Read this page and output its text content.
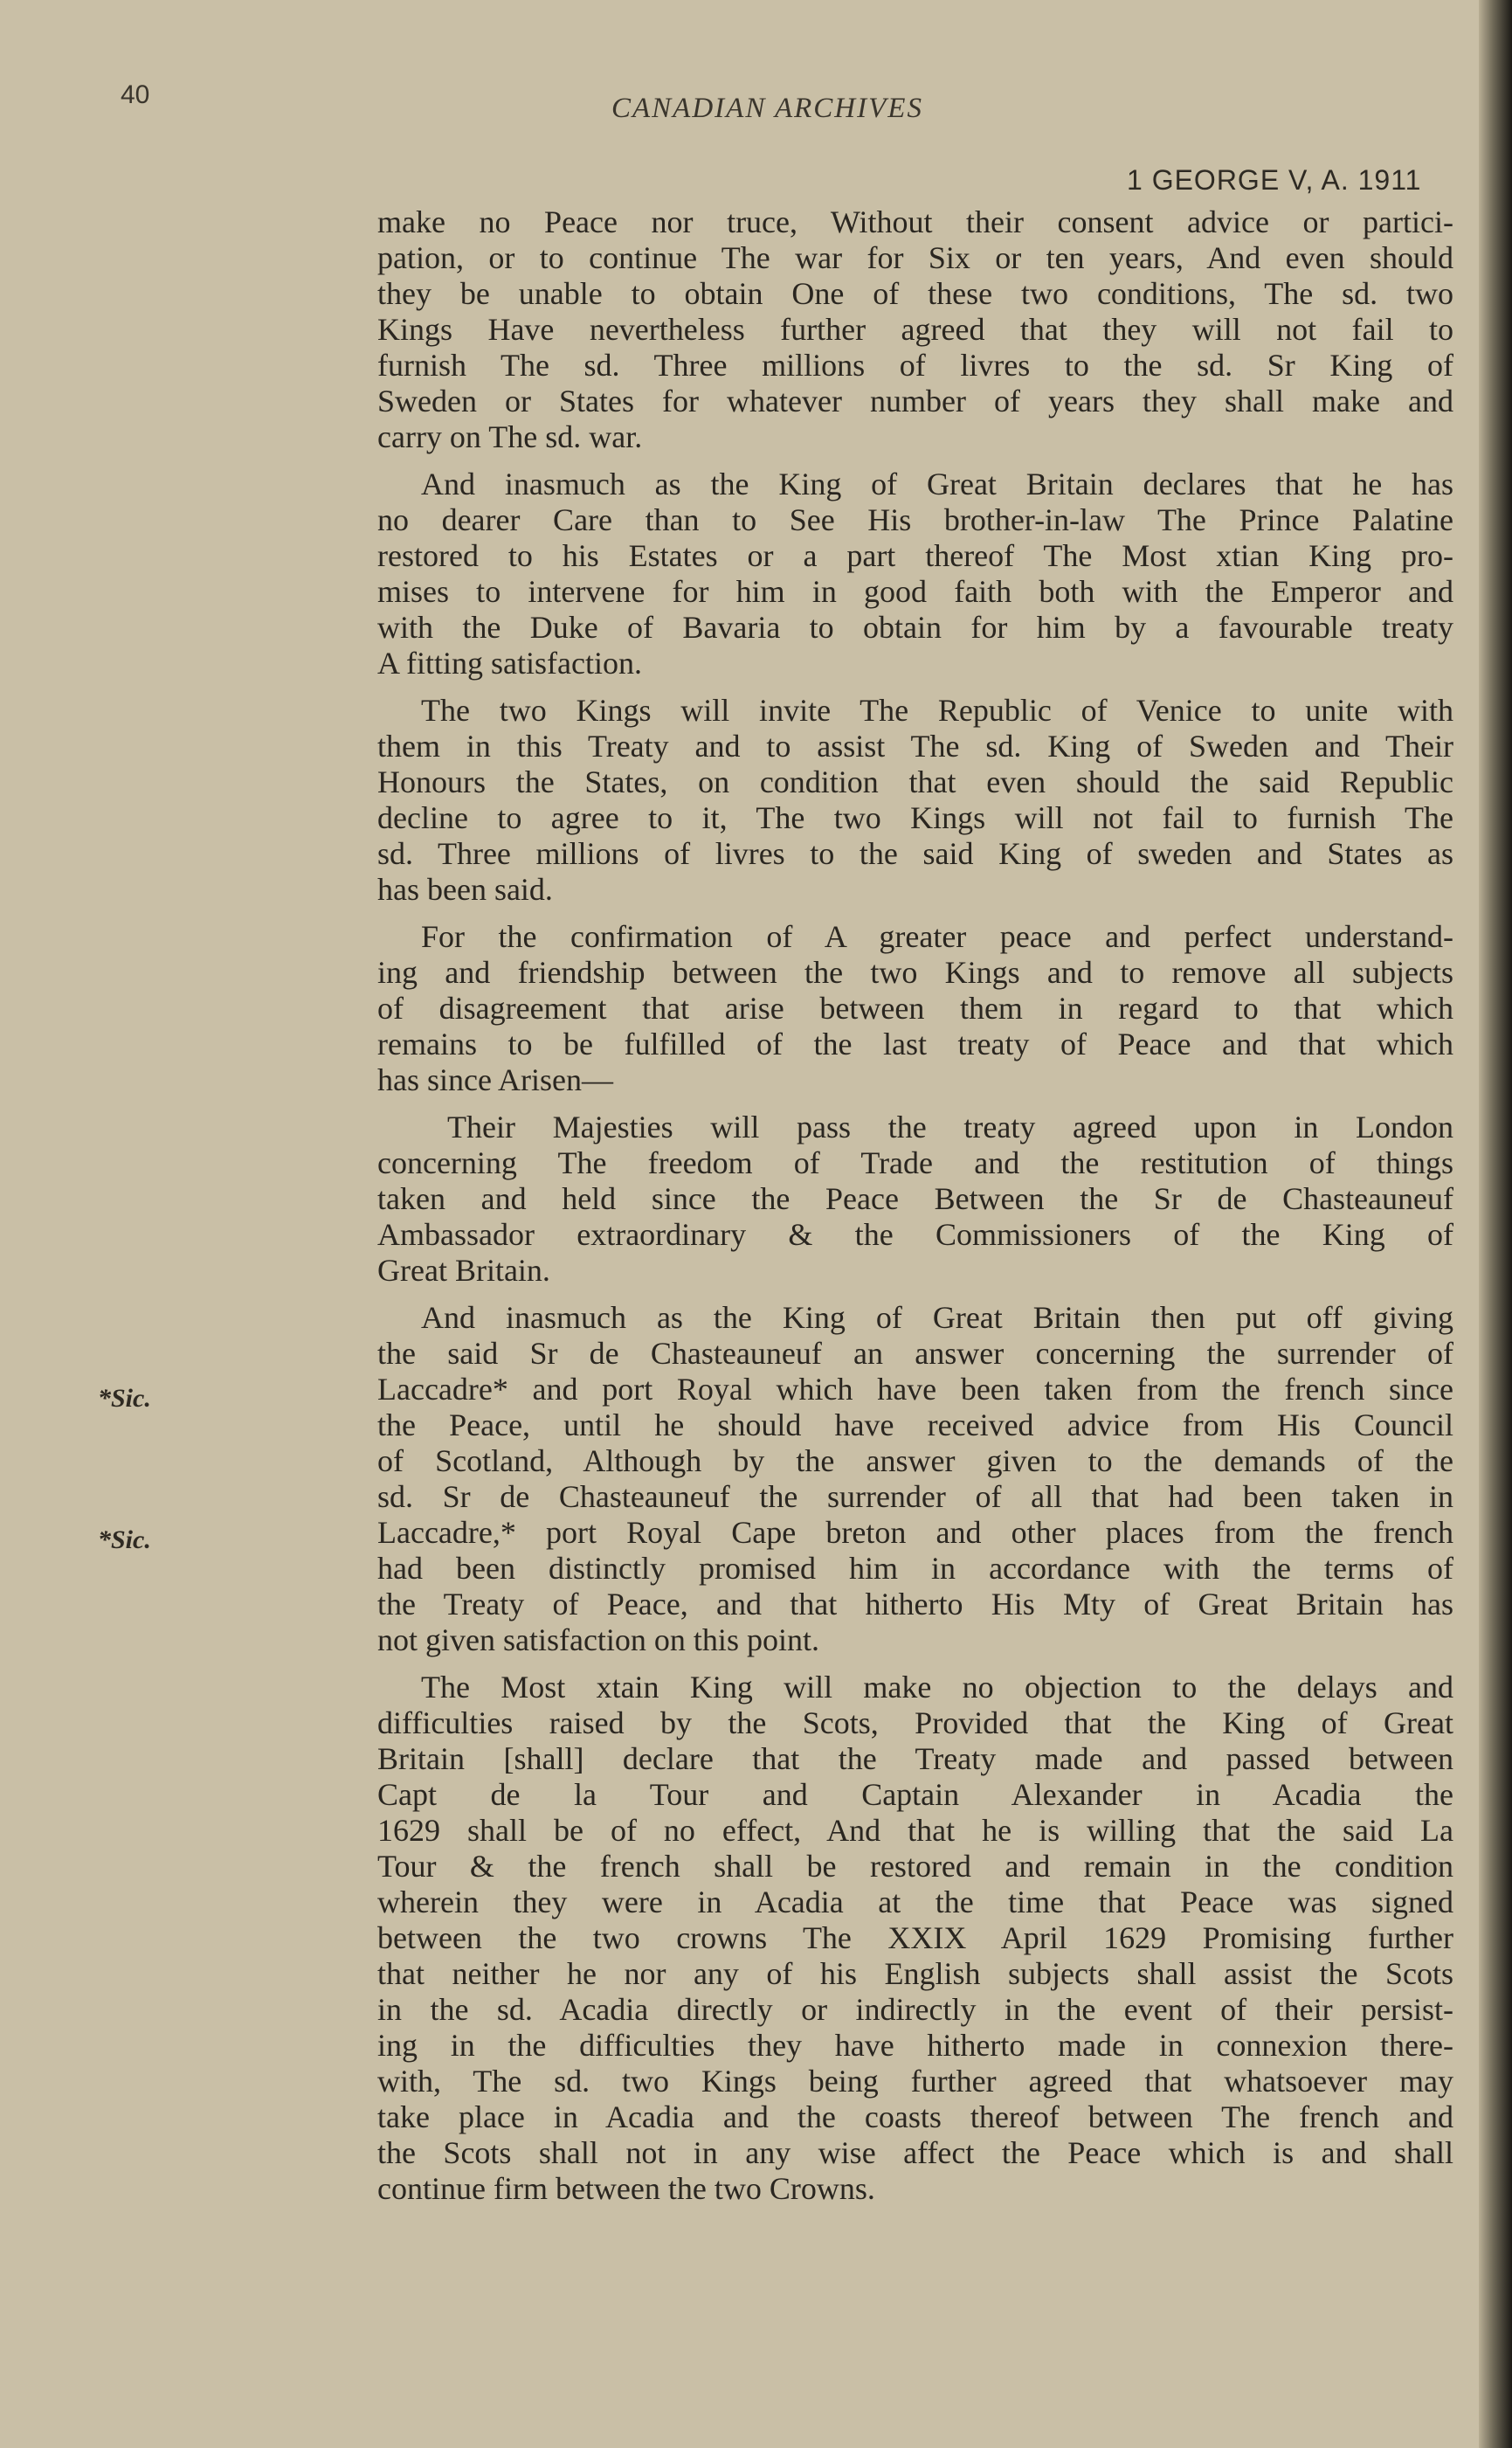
40	CANADIAN ARCHIVES
1 GEORGE V, A. 1911
*Sic.
*Sic.
make no Peace nor truce, Without their consent advice or partici-
pation, or to continue The war for Six or ten years, And even should
they be unable to obtain One of these two conditions, The sd. two
Kings Have nevertheless further agreed that they will not fail to
furnish The sd. Three millions of livres to the sd. Sr King of
Sweden or States for whatever number of years they shall make and
carry on The sd. war.
And inasmuch as the King of Great Britain declares that he has
no dearer Care than to See His brother-in-law The Prince Palatine
restored to his Estates or a part thereof The Most xtian King pro-
mises to intervene for him in good faith both with the Emperor and
with the Duke of Bavaria to obtain for him by a favourable treaty
A fitting satisfaction.
The two Kings will invite The Republic of Venice to unite with
them in this Treaty and to assist The sd. King of Sweden and Their
Honours the States, on condition that even should the said Republic
decline to agree to it, The two Kings will not fail to furnish The
sd. Three millions of livres to the said King of sweden and States as
has been said.
For the confirmation of A greater peace and perfect understand-
ing and friendship between the two Kings and to remove all subjects
of disagreement that arise between them in regard to that which
remains to be fulfilled of the last treaty of Peace and that which
has since Arisen—
Their Majesties will pass the treaty agreed upon in London
concerning The freedom of Trade and the restitution of things
taken and held since the Peace Between the Sr de Chasteauneuf
Ambassador extraordinary & the Commissioners of the King of
Great Britain.
And inasmuch as the King of Great Britain then put off giving
the said Sr de Chasteauneuf an answer concerning the surrender of
Laccadre* and port Royal which have been taken from the french since
the Peace, until he should have received advice from His Council
of Scotland, Although by the answer given to the demands of the
sd. Sr de Chasteauneuf the surrender of all that had been taken in
Laccadre,* port Royal Cape breton and other places from the french
had been distinctly promised him in accordance with the terms of
the Treaty of Peace, and that hitherto His Mty of Great Britain has
not given satisfaction on this point.
The Most xtain King will make no objection to the delays and
difficulties raised by the Scots, Provided that the King of Great
Britain [shall] declare that the Treaty made and passed between
Capt de la Tour and Captain Alexander in Acadia the
1629 shall be of no effect, And that he is willing that the said La
Tour & the french shall be restored and remain in the condition
wherein they were in Acadia at the time that Peace was signed
between the two crowns The XXIX April 1629 Promising further
that neither he nor any of his English subjects shall assist the Scots
in the sd. Acadia directly or indirectly in the event of their persist-
ing in the difficulties they have hitherto made in connexion there-
with, The sd. two Kings being further agreed that whatsoever may
take place in Acadia and the coasts thereof between The french and
the Scots shall not in any wise affect the Peace which is and shall
continue firm between the two Crowns.
